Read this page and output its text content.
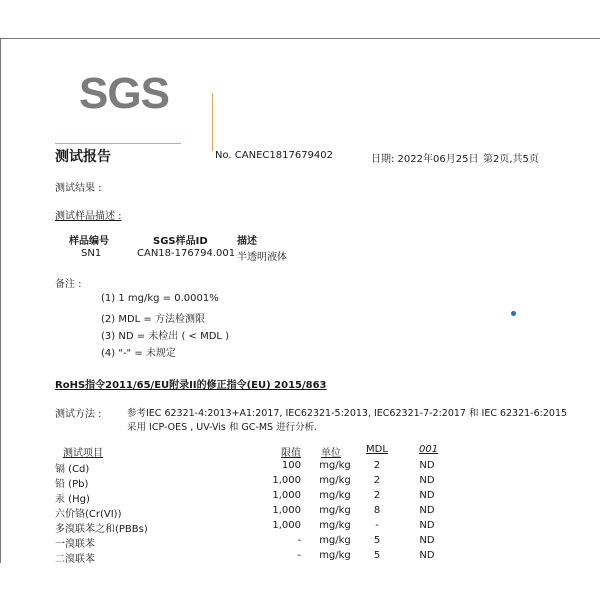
SGS
测试报告	No. CANEC1817679402	日期: 2022年06月25日 第2页,共5页
测试结果 :
测试样品描述 :
样品编号	SGS样品ID	描述
SN1	CAN18-176794.001 半透明液体
备注 :
(1) 1 mg/kg = 0.0001%
(2) MDL = 方法检测限
(3) ND = 未检出 ( < MDL )
(4) "-" = 未规定
RoHS指令2011/65/EU附录II的修正指令(EU) 2015/863
测试方法 :	参考IEC 62321-4:2013+A1:2017, IEC62321-5:2013, IEC62321-7-2:2017 和 IEC 62321-6:2015
采用 ICP-OES , UV-Vis 和 GC-MS 进行分析.
测试项目	限值 单位	MDL	001
镉 (Cd)	100	mg/kg	2	ND
铅 (Pb)	1,000	mg/kg	2	ND
汞 (Hg)	1,000	mg/kg	2	ND
六价铬(Cr(VI))	1,000	mg/kg	8	ND
多溴联苯之和(PBBs)	1,000	mg/kg	-	ND
一溴联苯	-	mg/kg	5	ND
二溴联苯	-	mg/kg	5	ND
